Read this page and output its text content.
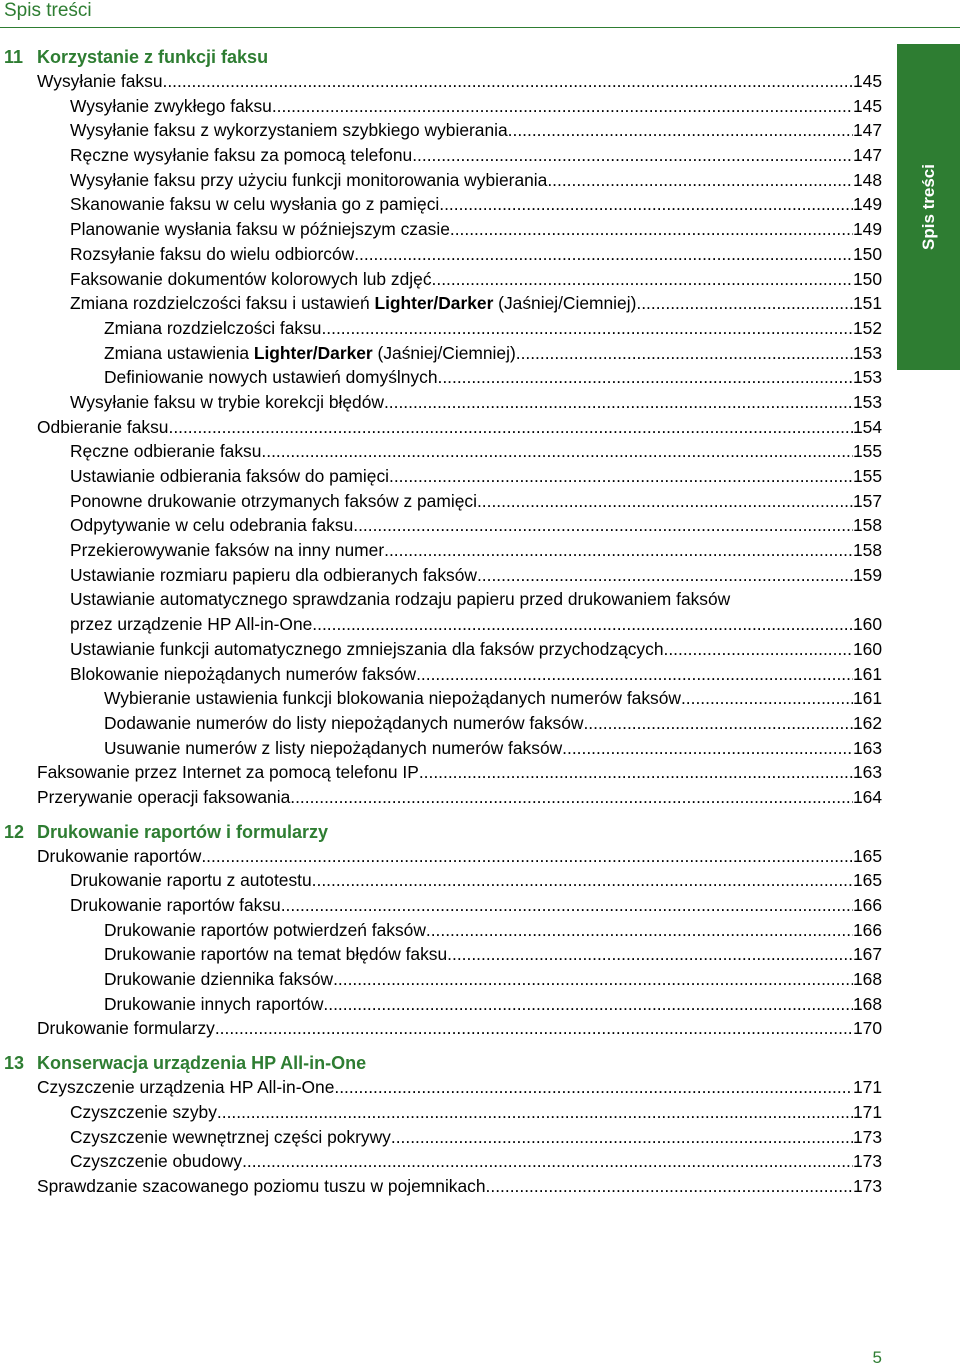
Spis treści
Spis treści
11 Korzystanie z funkcji faksu
Wysyłanie faksu .....	145
Wysyłanie zwykłego faksu .....	145
Wysyłanie faksu z wykorzystaniem szybkiego wybierania .....	147
Ręczne wysyłanie faksu za pomocą telefonu .....	147
Wysyłanie faksu przy użyciu funkcji monitorowania wybierania .....	148
Skanowanie faksu w celu wysłania go z pamięci .....	149
Planowanie wysłania faksu w późniejszym czasie .....	149
Rozsyłanie faksu do wielu odbiorców .....	150
Faksowanie dokumentów kolorowych lub zdjęć .....	150
Zmiana rozdzielczości faksu i ustawień Lighter/Darker (Jaśniej/Ciemniej) .....	151
Zmiana rozdzielczości faksu .....	152
Zmiana ustawienia Lighter/Darker (Jaśniej/Ciemniej) .....	153
Definiowanie nowych ustawień domyślnych .....	153
Wysyłanie faksu w trybie korekcji błędów .....	153
Odbieranie faksu .....	154
Ręczne odbieranie faksu .....	155
Ustawianie odbierania faksów do pamięci .....	155
Ponowne drukowanie otrzymanych faksów z pamięci .....	157
Odpytywanie w celu odebrania faksu .....	158
Przekierowywanie faksów na inny numer .....	158
Ustawianie rozmiaru papieru dla odbieranych faksów .....	159
Ustawianie automatycznego sprawdzania rodzaju papieru przed drukowaniem faksów
przez urządzenie HP All-in-One .....	160
Ustawianie funkcji automatycznego zmniejszania dla faksów przychodzących .....	160
Blokowanie niepożądanych numerów faksów .....	161
Wybieranie ustawienia funkcji blokowania niepożądanych numerów faksów .....	161
Dodawanie numerów do listy niepożądanych numerów faksów .....	162
Usuwanie numerów z listy niepożądanych numerów faksów .....	163
Faksowanie przez Internet za pomocą telefonu IP .....	163
Przerywanie operacji faksowania .....	164
12 Drukowanie raportów i formularzy
Drukowanie raportów .....	165
Drukowanie raportu z autotestu .....	165
Drukowanie raportów faksu .....	166
Drukowanie raportów potwierdzeń faksów .....	166
Drukowanie raportów na temat błędów faksu .....	167
Drukowanie dziennika faksów .....	168
Drukowanie innych raportów .....	168
Drukowanie formularzy .....	170
13 Konserwacja urządzenia HP All-in-One
Czyszczenie urządzenia HP All-in-One .....	171
Czyszczenie szyby .....	171
Czyszczenie wewnętrznej części pokrywy .....	173
Czyszczenie obudowy .....	173
Sprawdzanie szacowanego poziomu tuszu w pojemnikach .....	173
5
